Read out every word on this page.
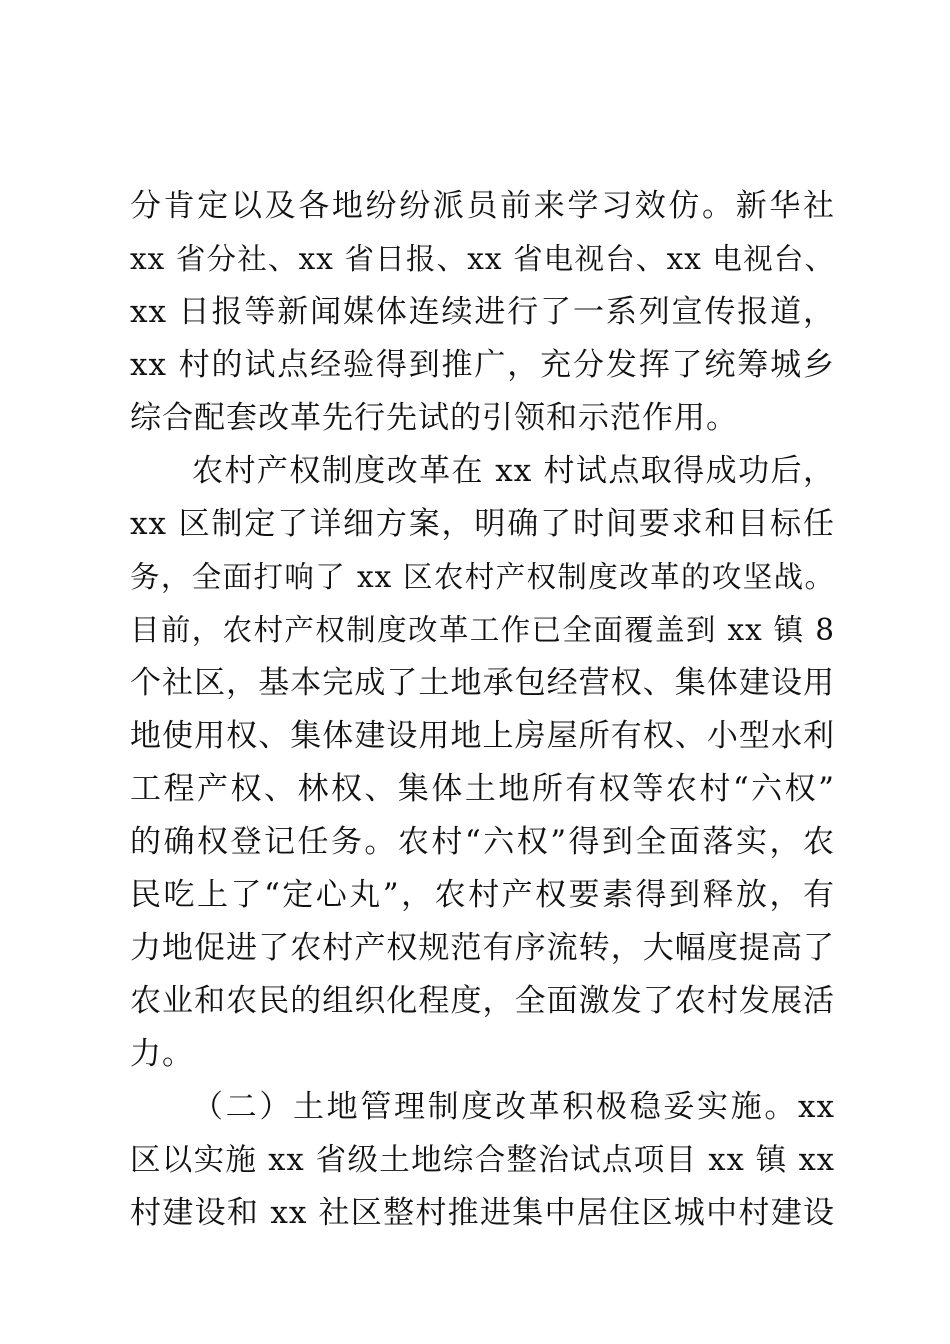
分肯定以及各地纷纷派员前来学习效仿。新华社
xx 省分社、xx 省日报、xx 省电视台、xx 电视台、
xx 日报等新闻媒体连续进行了一系列宣传报道，
xx 村的试点经验得到推广，充分发挥了统筹城乡
综合配套改革先行先试的引领和示范作用。
农村产权制度改革在 xx 村试点取得成功后，
xx 区制定了详细方案，明确了时间要求和目标任
务，全面打响了 xx 区农村产权制度改革的攻坚战。
目前，农村产权制度改革工作已全面覆盖到 xx 镇 8
个社区，基本完成了土地承包经营权、集体建设用
地使用权、集体建设用地上房屋所有权、小型水利
工程产权、林权、集体土地所有权等农村“六权”
的确权登记任务。农村“六权”得到全面落实，农
民吃上了“定心丸”，农村产权要素得到释放，有
力地促进了农村产权规范有序流转，大幅度提高了
农业和农民的组织化程度，全面激发了农村发展活
力。
（二）土地管理制度改革积极稳妥实施。xx
区以实施 xx 省级土地综合整治试点项目 xx 镇 xx
村建设和 xx 社区整村推进集中居住区城中村建设
